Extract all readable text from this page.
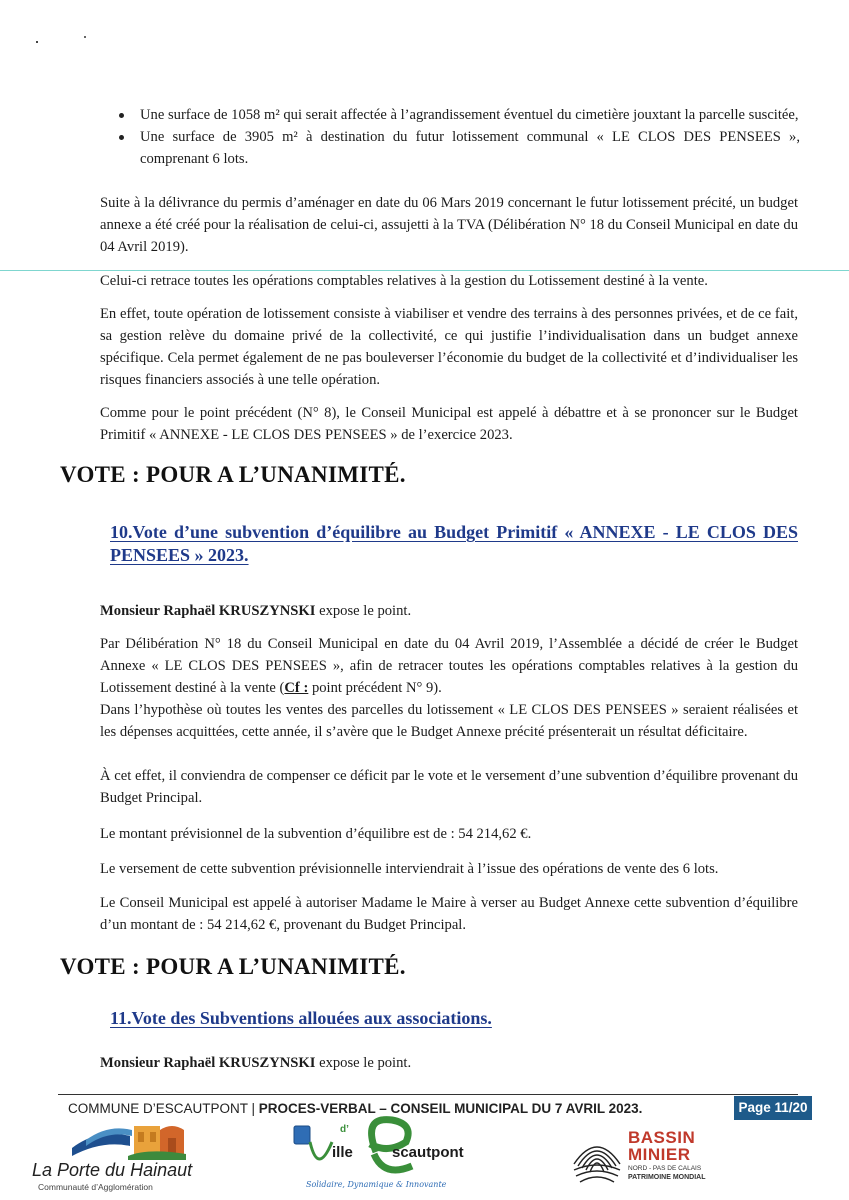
Une surface de 1058 m² qui serait affectée à l’agrandissement éventuel du cimetière jouxtant la parcelle suscitée,
Une surface de 3905 m² à destination du futur lotissement communal « LE CLOS DES PENSEES », comprenant 6 lots.

Suite à la délivrance du permis d’aménager en date du 06 Mars 2019 concernant le futur lotissement précité, un budget annexe a été créé pour la réalisation de celui-ci, assujetti à la TVA (Délibération N° 18 du Conseil Municipal en date du 04 Avril 2019).

Celui-ci retrace toutes les opérations comptables relatives à la gestion du Lotissement destiné à la vente.

En effet, toute opération de lotissement consiste à viabiliser et vendre des terrains à des personnes privées, et de ce fait, sa gestion relève du domaine privé de la collectivité, ce qui justifie l’individualisation dans un budget annexe spécifique. Cela permet également de ne pas bouleverser l’économie du budget de la collectivité et d’individualiser les risques financiers associés à une telle opération.

Comme pour le point précédent (N° 8), le Conseil Municipal est appelé à débattre et à se prononcer sur le Budget Primitif « ANNEXE - LE CLOS DES PENSEES » de l’exercice 2023.

VOTE : POUR A L’UNANIMITÉ.
10.Vote d’une subvention d’équilibre au Budget Primitif « ANNEXE - LE CLOS DES PENSEES » 2023.

Monsieur Raphaël KRUSZYNSKI expose le point.

Par Délibération N° 18 du Conseil Municipal en date du 04 Avril 2019, l’Assemblée a décidé de créer le Budget Annexe « LE CLOS DES PENSEES », afin de retracer toutes les opérations comptables relatives à la gestion du Lotissement destiné à la vente (Cf : point précédent N° 9).

Dans l’hypothèse où toutes les ventes des parcelles du lotissement « LE CLOS DES PENSEES » seraient réalisées et les dépenses acquittées, cette année, il s’avère que le Budget Annexe précité présenterait un résultat déficitaire.

À cet effet, il conviendra de compenser ce déficit par le vote et le versement d’une subvention d’équilibre provenant du Budget Principal.

Le montant prévisionnel de la subvention d’équilibre est de : 54 214,62 €.

Le versement de cette subvention prévisionnelle interviendrait à l’issue des opérations de vente des 6 lots.

Le Conseil Municipal est appelé à autoriser Madame le Maire à verser au Budget Annexe cette subvention d’équilibre d’un montant de : 54 214,62 €, provenant du Budget Principal.

VOTE : POUR A L’UNANIMITÉ.
11.Vote des Subventions allouées aux associations.

Monsieur Raphaël KRUSZYNSKI expose le point.

COMMUNE D’ESCAUTPONT | PROCES-VERBAL – CONSEIL MUNICIPAL DU 7 AVRIL 2023.	Page 11/20
La Porte du Hainaut
Communauté d’Agglomération
d’
ille	scautpont
Solidaire, Dynamique & Innovante
BASSIN
MINIER
NORD - PAS DE CALAIS
PATRIMOINE MONDIAL
